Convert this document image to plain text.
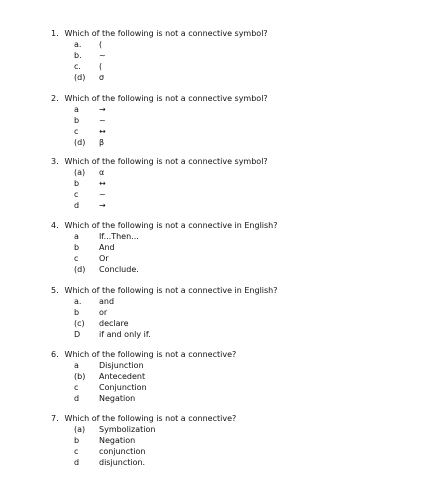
1. Which of the following is not a connective symbol?
a. (
b. ~
c. (
(d) σ
2. Which of the following is not a connective symbol?
a	→
b ~
c	↔
(d) β
3. Which of the following is not a connective symbol?
(a) α
b ↔
c	~
d →
4. Which of the following is not a connective in English?
a	If...Then...
b And
c	Or
(d) Conclude.
5. Which of the following is not a connective in English?
a. and
b or
(c) declare
D if and only if.
6. Which of the following is not a connective?
a	Disjunction
(b) Antecedent
c	Conjunction
d Negation
7. Which of the following is not a connective?
(a) Symbolization
b Negation
c	conjunction
d disjunction.
